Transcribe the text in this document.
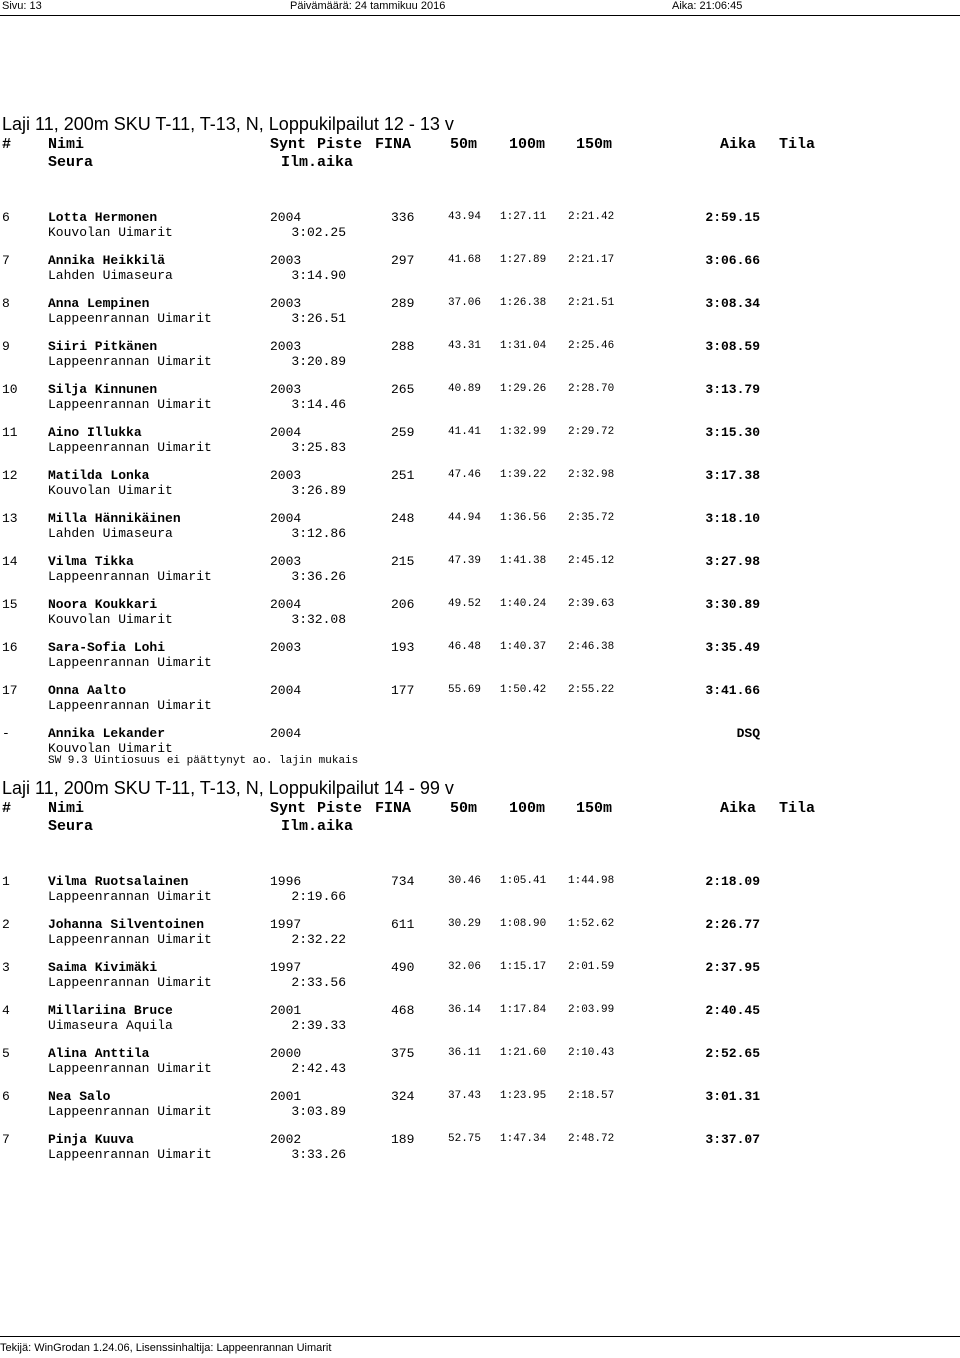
Sivu: 13	Päivämäärä: 24 tammikuu 2016	Aika: 21:06:45
Laji 11, 200m SKU T-11, T-13, N, Loppukilpailut 12 - 13 v
# Nimi	Synt Piste FINA	50m 100m 150m	Aika Tila
Seura	Ilm.aika
6	Lotta Hermonen	2004	336	43.94 1:27.11 2:21.42	2:59.15
Kouvolan Uimarit	3:02.25
7	Annika Heikkilä	2003	297	41.68 1:27.89 2:21.17	3:06.66
Lahden Uimaseura	3:14.90
8	Anna Lempinen	2003	289	37.06 1:26.38 2:21.51	3:08.34
Lappeenrannan Uimarit	3:26.51
9	Siiri Pitkänen	2003	288	43.31 1:31.04 2:25.46	3:08.59
Lappeenrannan Uimarit	3:20.89
10 Silja Kinnunen	2003	265	40.89 1:29.26 2:28.70	3:13.79
Lappeenrannan Uimarit	3:14.46
11 Aino Illukka	2004	259	41.41 1:32.99 2:29.72	3:15.30
Lappeenrannan Uimarit	3:25.83
12 Matilda Lonka	2003	251	47.46 1:39.22 2:32.98	3:17.38
Kouvolan Uimarit	3:26.89
13 Milla Hännikäinen	2004	248	44.94 1:36.56 2:35.72	3:18.10
Lahden Uimaseura	3:12.86
14 Vilma Tikka	2003	215	47.39 1:41.38 2:45.12	3:27.98
Lappeenrannan Uimarit	3:36.26
15 Noora Koukkari	2004	206	49.52 1:40.24 2:39.63	3:30.89
Kouvolan Uimarit	3:32.08
16 Sara-Sofia Lohi	2003	193	46.48 1:40.37 2:46.38	3:35.49
Lappeenrannan Uimarit
17 Onna Aalto	2004	177	55.69 1:50.42 2:55.22	3:41.66
Lappeenrannan Uimarit
-	Annika Lekander	2004	DSQ
Kouvolan Uimarit
SW 9.3 Uintiosuus ei päättynyt ao. lajin mukais
Laji 11, 200m SKU T-11, T-13, N, Loppukilpailut 14 - 99 v
# Nimi	Synt Piste FINA	50m 100m 150m	Aika Tila
Seura	Ilm.aika
1	Vilma Ruotsalainen	1996	734	30.46 1:05.41 1:44.98	2:18.09
Lappeenrannan Uimarit	2:19.66
2	Johanna Silventoinen	1997	611	30.29 1:08.90 1:52.62	2:26.77
Lappeenrannan Uimarit	2:32.22
3	Saima Kivimäki	1997	490	32.06 1:15.17 2:01.59	2:37.95
Lappeenrannan Uimarit	2:33.56
4	Millariina Bruce	2001	468	36.14 1:17.84 2:03.99	2:40.45
Uimaseura Aquila	2:39.33
5	Alina Anttila	2000	375	36.11 1:21.60 2:10.43	2:52.65
Lappeenrannan Uimarit	2:42.43
6	Nea Salo	2001	324	37.43 1:23.95 2:18.57	3:01.31
Lappeenrannan Uimarit	3:03.89
7	Pinja Kuuva	2002	189	52.75 1:47.34 2:48.72	3:37.07
Lappeenrannan Uimarit	3:33.26
Tekijä: WinGrodan 1.24.06, Lisenssinhaltija: Lappeenrannan Uimarit
